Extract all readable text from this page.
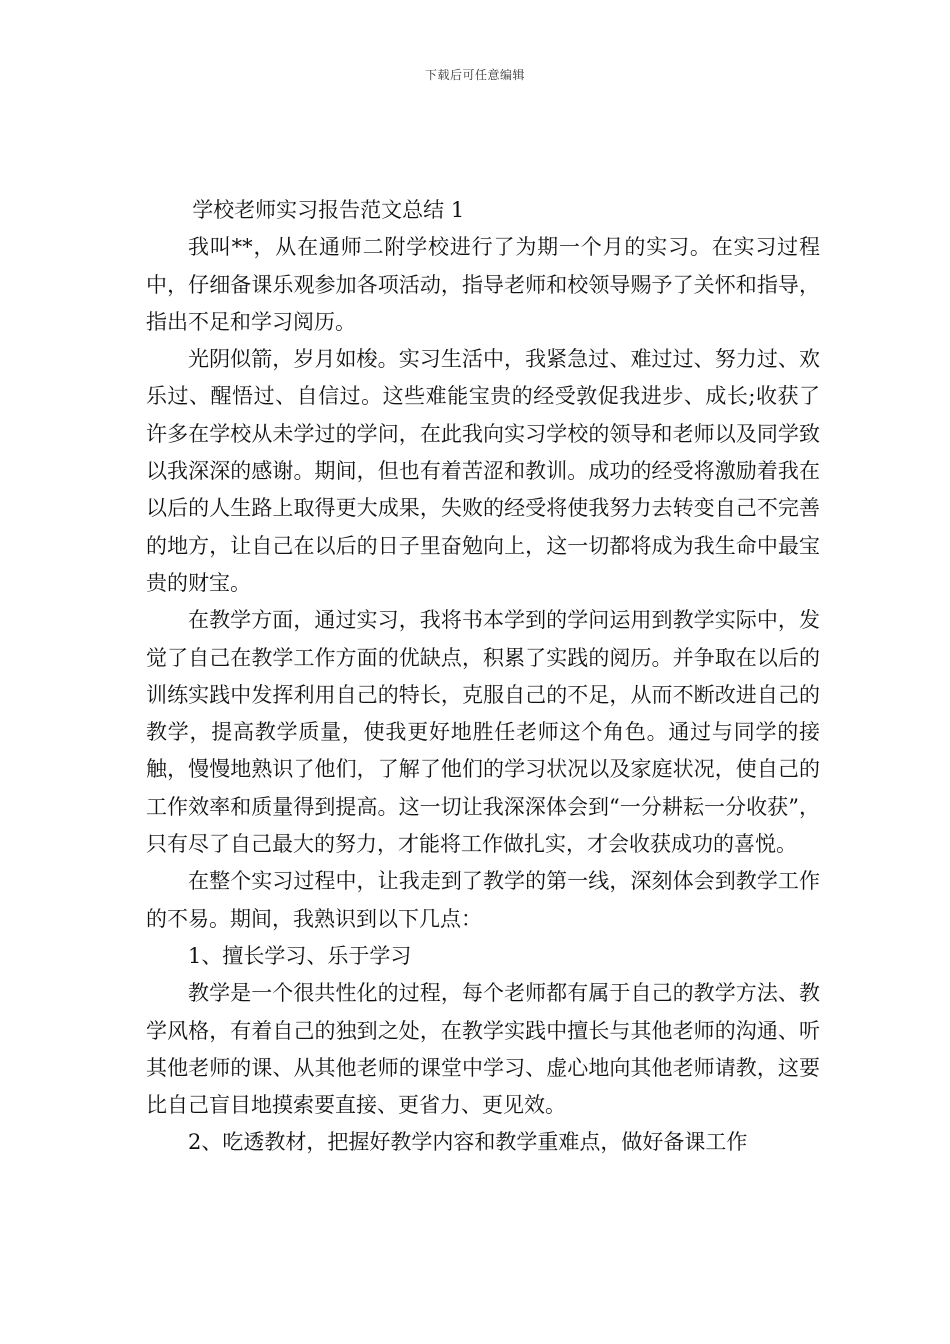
下载后可任意编辑

学校老师实习报告范文总结 1

我叫**，从在通师二附学校进行了为期一个月的实习。在实习过程中，仔细备课乐观参加各项活动，指导老师和校领导赐予了关怀和指导，指出不足和学习阅历。

光阴似箭，岁月如梭。实习生活中，我紧急过、难过过、努力过、欢乐过、醒悟过、自信过。这些难能宝贵的经受敦促我进步、成长;收获了许多在学校从未学过的学问，在此我向实习学校的领导和老师以及同学致以我深深的感谢。期间，但也有着苦涩和教训。成功的经受将激励着我在以后的人生路上取得更大成果，失败的经受将使我努力去转变自己不完善的地方，让自己在以后的日子里奋勉向上，这一切都将成为我生命中最宝贵的财宝。

在教学方面，通过实习，我将书本学到的学问运用到教学实际中，发觉了自己在教学工作方面的优缺点，积累了实践的阅历。并争取在以后的训练实践中发挥利用自己的特长，克服自己的不足，从而不断改进自己的教学，提高教学质量，使我更好地胜任老师这个角色。通过与同学的接触，慢慢地熟识了他们，了解了他们的学习状况以及家庭状况，使自己的工作效率和质量得到提高。这一切让我深深体会到“一分耕耘一分收获”，只有尽了自己最大的努力，才能将工作做扎实，才会收获成功的喜悦。

在整个实习过程中，让我走到了教学的第一线，深刻体会到教学工作的不易。期间，我熟识到以下几点：

1、擅长学习、乐于学习

教学是一个很共性化的过程，每个老师都有属于自己的教学方法、教学风格，有着自己的独到之处，在教学实践中擅长与其他老师的沟通、听其他老师的课、从其他老师的课堂中学习、虚心地向其他老师请教，这要比自己盲目地摸索要直接、更省力、更见效。

2、吃透教材，把握好教学内容和教学重难点，做好备课工作
